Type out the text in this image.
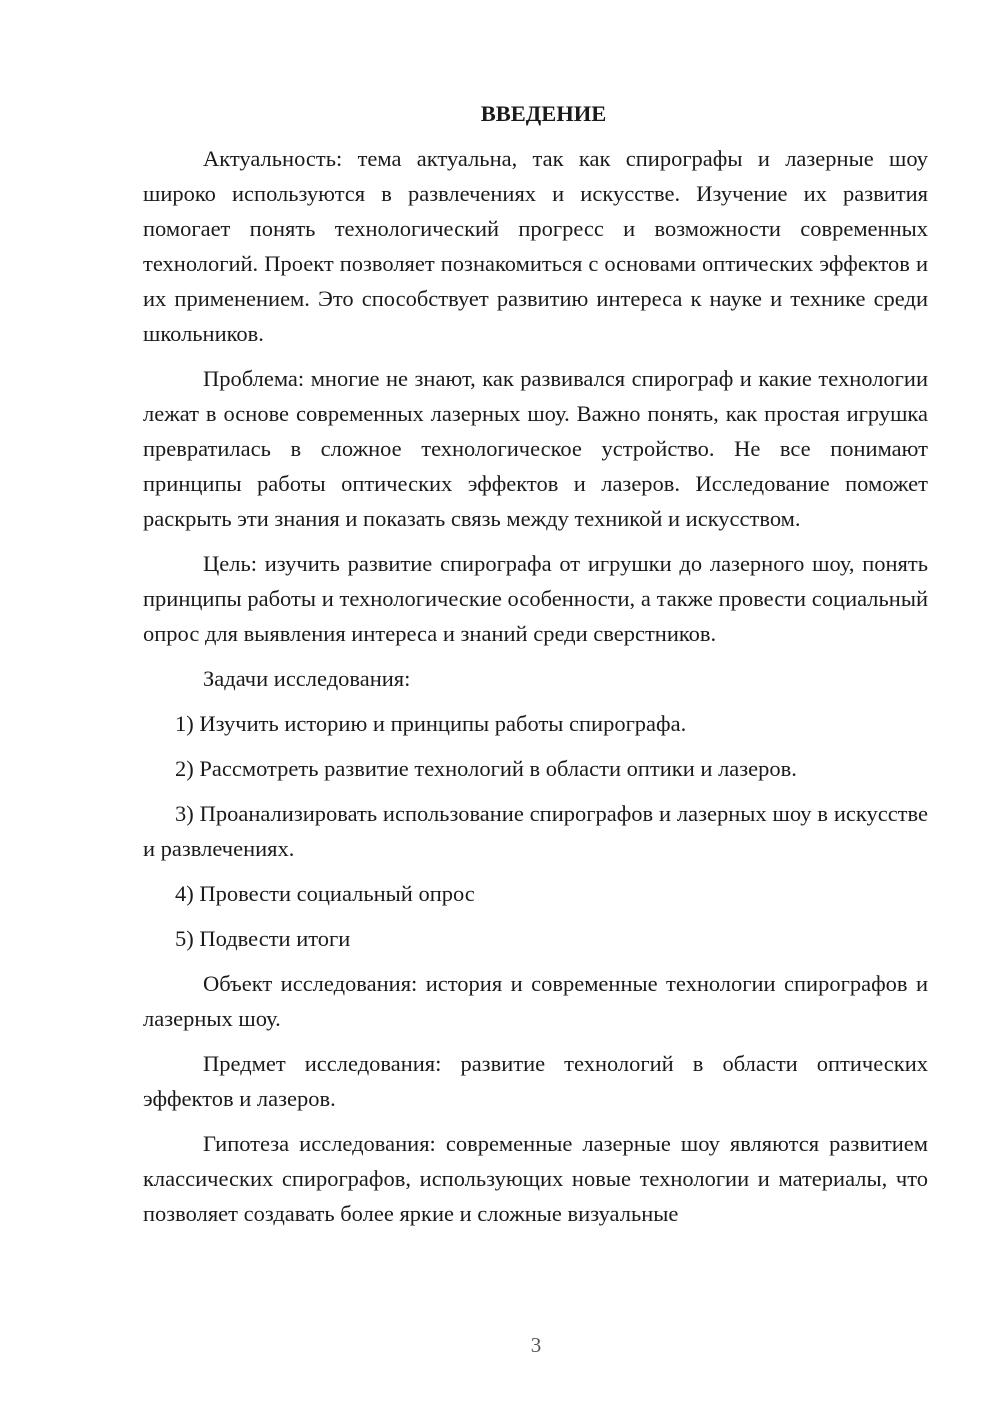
ВВЕДЕНИЕ

Актуальность: тема актуальна, так как спирографы и лазерные шоу широко используются в развлечениях и искусстве. Изучение их развития помогает понять технологический прогресс и возможности современных технологий. Проект позволяет познакомиться с основами оптических эффектов и их применением. Это способствует развитию интереса к науке и технике среди школьников.

Проблема: многие не знают, как развивался спирограф и какие технологии лежат в основе современных лазерных шоу. Важно понять, как простая игрушка превратилась в сложное технологическое устройство. Не все понимают принципы работы оптических эффектов и лазеров. Исследование поможет раскрыть эти знания и показать связь между техникой и искусством.

Цель: изучить развитие спирографа от игрушки до лазерного шоу, понять принципы работы и технологические особенности, а также провести социальный опрос для выявления интереса и знаний среди сверстников.

Задачи исследования:

1) Изучить историю и принципы работы спирографа.

2) Рассмотреть развитие технологий в области оптики и лазеров.

3) Проанализировать использование спирографов и лазерных шоу в искусстве и развлечениях.

4) Провести социальный опрос

5) Подвести итоги

Объект исследования: история и современные технологии спирографов и лазерных шоу.

Предмет исследования: развитие технологий в области оптических эффектов и лазеров.

Гипотеза исследования: современные лазерные шоу являются развитием классических спирографов, использующих новые технологии и материалы, что позволяет создавать более яркие и сложные визуальные

3
